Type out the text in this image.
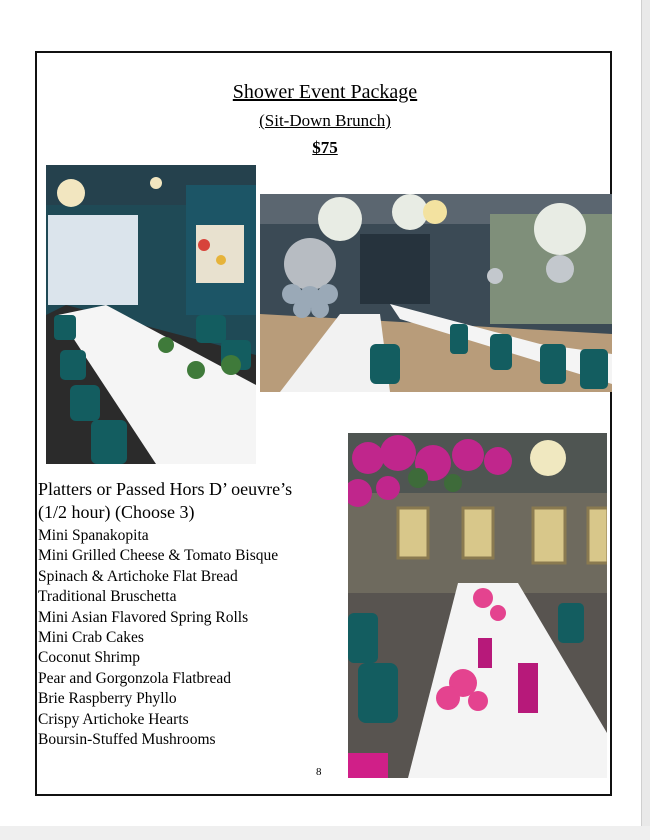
Shower Event Package
(Sit-Down Brunch)
$75
Platters or Passed Hors D’ oeuvre’s
(1/2 hour) (Choose 3)
Mini Spanakopita
Mini Grilled Cheese & Tomato Bisque
Spinach & Artichoke Flat Bread
Traditional Bruschetta
Mini Asian Flavored Spring Rolls
Mini Crab Cakes
Coconut Shrimp
Pear and Gorgonzola Flatbread
Brie Raspberry Phyllo
Crispy Artichoke Hearts
Boursin-Stuffed Mushrooms
8
